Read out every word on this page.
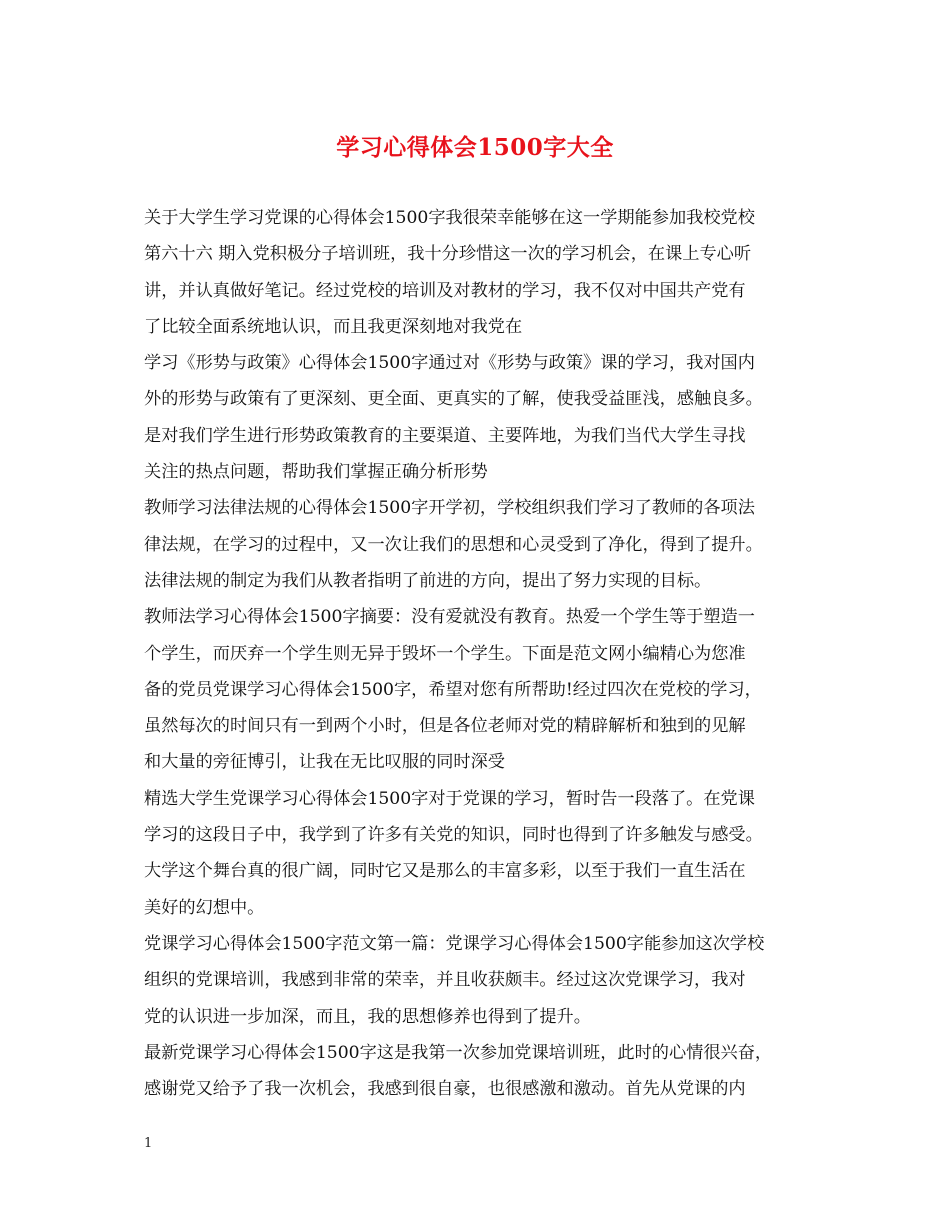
学习心得体会1500字大全
关于大学生学习党课的心得体会1500字我很荣幸能够在这一学期能参加我校党校
第六十六 期入党积极分子培训班，我十分珍惜这一次的学习机会，在课上专心听
讲，并认真做好笔记。经过党校的培训及对教材的学习，我不仅对中国共产党有
了比较全面系统地认识，而且我更深刻地对我党在
学习《形势与政策》心得体会1500字通过对《形势与政策》课的学习，我对国内
外的形势与政策有了更深刻、更全面、更真实的了解，使我受益匪浅，感触良多。
是对我们学生进行形势政策教育的主要渠道、主要阵地，为我们当代大学生寻找
关注的热点问题，帮助我们掌握正确分析形势
教师学习法律法规的心得体会1500字开学初，学校组织我们学习了教师的各项法
律法规，在学习的过程中，又一次让我们的思想和心灵受到了净化，得到了提升。
法律法规的制定为我们从教者指明了前进的方向，提出了努力实现的目标。
教师法学习心得体会1500字摘要：没有爱就没有教育。热爱一个学生等于塑造一
个学生，而厌弃一个学生则无异于毁坏一个学生。下面是范文网小编精心为您准
备的党员党课学习心得体会1500字，希望对您有所帮助!经过四次在党校的学习，
虽然每次的时间只有一到两个小时，但是各位老师对党的精辟解析和独到的见解
和大量的旁征博引，让我在无比叹服的同时深受
精选大学生党课学习心得体会1500字对于党课的学习，暂时告一段落了。在党课
学习的这段日子中，我学到了许多有关党的知识，同时也得到了许多触发与感受。
大学这个舞台真的很广阔，同时它又是那么的丰富多彩，以至于我们一直生活在
美好的幻想中。
党课学习心得体会1500字范文第一篇：党课学习心得体会1500字能参加这次学校
组织的党课培训，我感到非常的荣幸，并且收获颇丰。经过这次党课学习，我对
党的认识进一步加深，而且，我的思想修养也得到了提升。
最新党课学习心得体会1500字这是我第一次参加党课培训班，此时的心情很兴奋，
感谢党又给予了我一次机会，我感到很自豪，也很感激和激动。首先从党课的内
1
